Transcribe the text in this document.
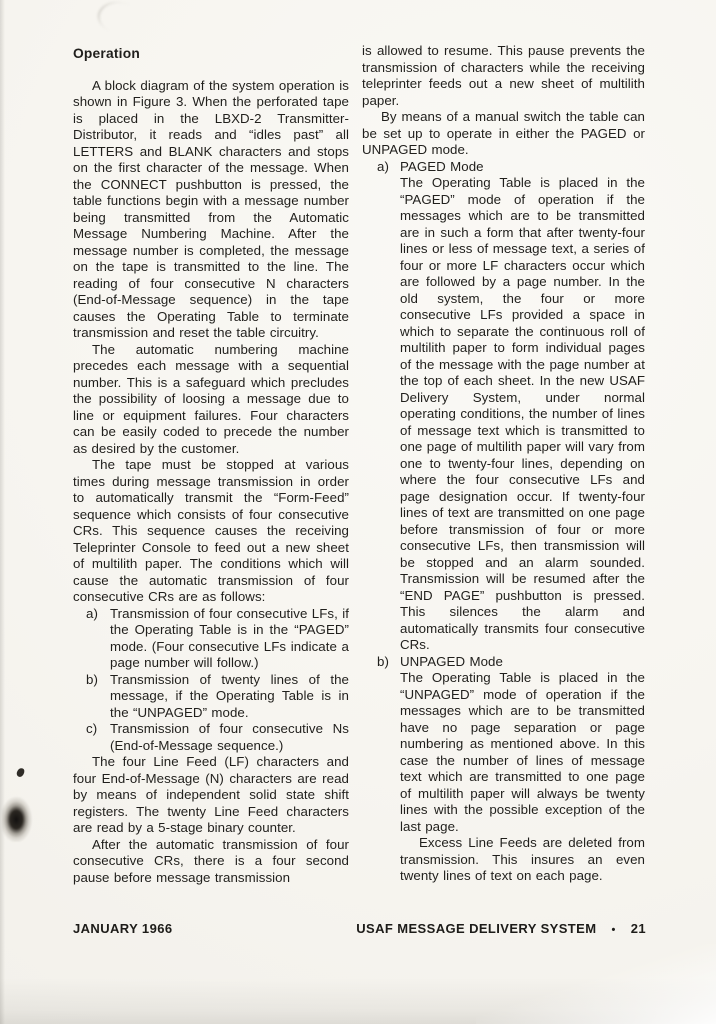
Operation

A block diagram of the system operation is shown in Figure 3. When the perforated tape is placed in the LBXD-2 Transmitter-Distributor, it reads and “idles past” all LETTERS and BLANK characters and stops on the first character of the message. When the CONNECT pushbutton is pressed, the table functions begin with a message number being transmitted from the Automatic Message Numbering Machine. After the message number is completed, the message on the tape is transmitted to the line. The reading of four consecutive N characters (End-of-Message sequence) in the tape causes the Operating Table to terminate transmission and reset the table circuitry.

The automatic numbering machine precedes each message with a sequential number. This is a safeguard which precludes the possibility of loosing a message due to line or equipment failures. Four characters can be easily coded to precede the number as desired by the customer.

The tape must be stopped at various times during message transmission in order to automatically transmit the “Form-Feed” sequence which consists of four consecutive CRs. This sequence causes the receiving Teleprinter Console to feed out a new sheet of multilith paper. The conditions which will cause the automatic transmission of four consecutive CRs are as follows:

a) Transmission of four consecutive LFs, if the Operating Table is in the “PAGED” mode. (Four consecutive LFs indicate a page number will follow.)
b) Transmission of twenty lines of the message, if the Operating Table is in the “UNPAGED” mode.
c) Transmission of four consecutive Ns (End-of-Message sequence.)

The four Line Feed (LF) characters and four End-of-Message (N) characters are read by means of independent solid state shift registers. The twenty Line Feed characters are read by a 5-stage binary counter.

After the automatic transmission of four consecutive CRs, there is a four second pause before message transmission

is allowed to resume. This pause prevents the transmission of characters while the receiving teleprinter feeds out a new sheet of multilith paper.

By means of a manual switch the table can be set up to operate in either the PAGED or UNPAGED mode.

a) PAGED Mode

The Operating Table is placed in the “PAGED” mode of operation if the messages which are to be transmitted are in such a form that after twenty-four lines or less of message text, a series of four or more LF characters occur which are followed by a page number. In the old system, the four or more consecutive LFs provided a space in which to separate the continuous roll of multilith paper to form individual pages of the message with the page number at the top of each sheet. In the new USAF Delivery System, under normal operating conditions, the number of lines of message text which is transmitted to one page of multilith paper will vary from one to twenty-four lines, depending on where the four consecutive LFs and page designation occur. If twenty-four lines of text are transmitted on one page before transmission of four or more consecutive LFs, then transmission will be stopped and an alarm sounded. Transmission will be resumed after the “END PAGE” pushbutton is pressed. This silences the alarm and automatically transmits four consecutive CRs.

b) UNPAGED Mode

The Operating Table is placed in the “UNPAGED” mode of operation if the messages which are to be transmitted have no page separation or page numbering as mentioned above. In this case the number of lines of message text which are transmitted to one page of multilith paper will always be twenty lines with the possible exception of the last page.

Excess Line Feeds are deleted from transmission. This insures an even twenty lines of text on each page.

JANUARY 1966	USAF MESSAGE DELIVERY SYSTEM • 21
